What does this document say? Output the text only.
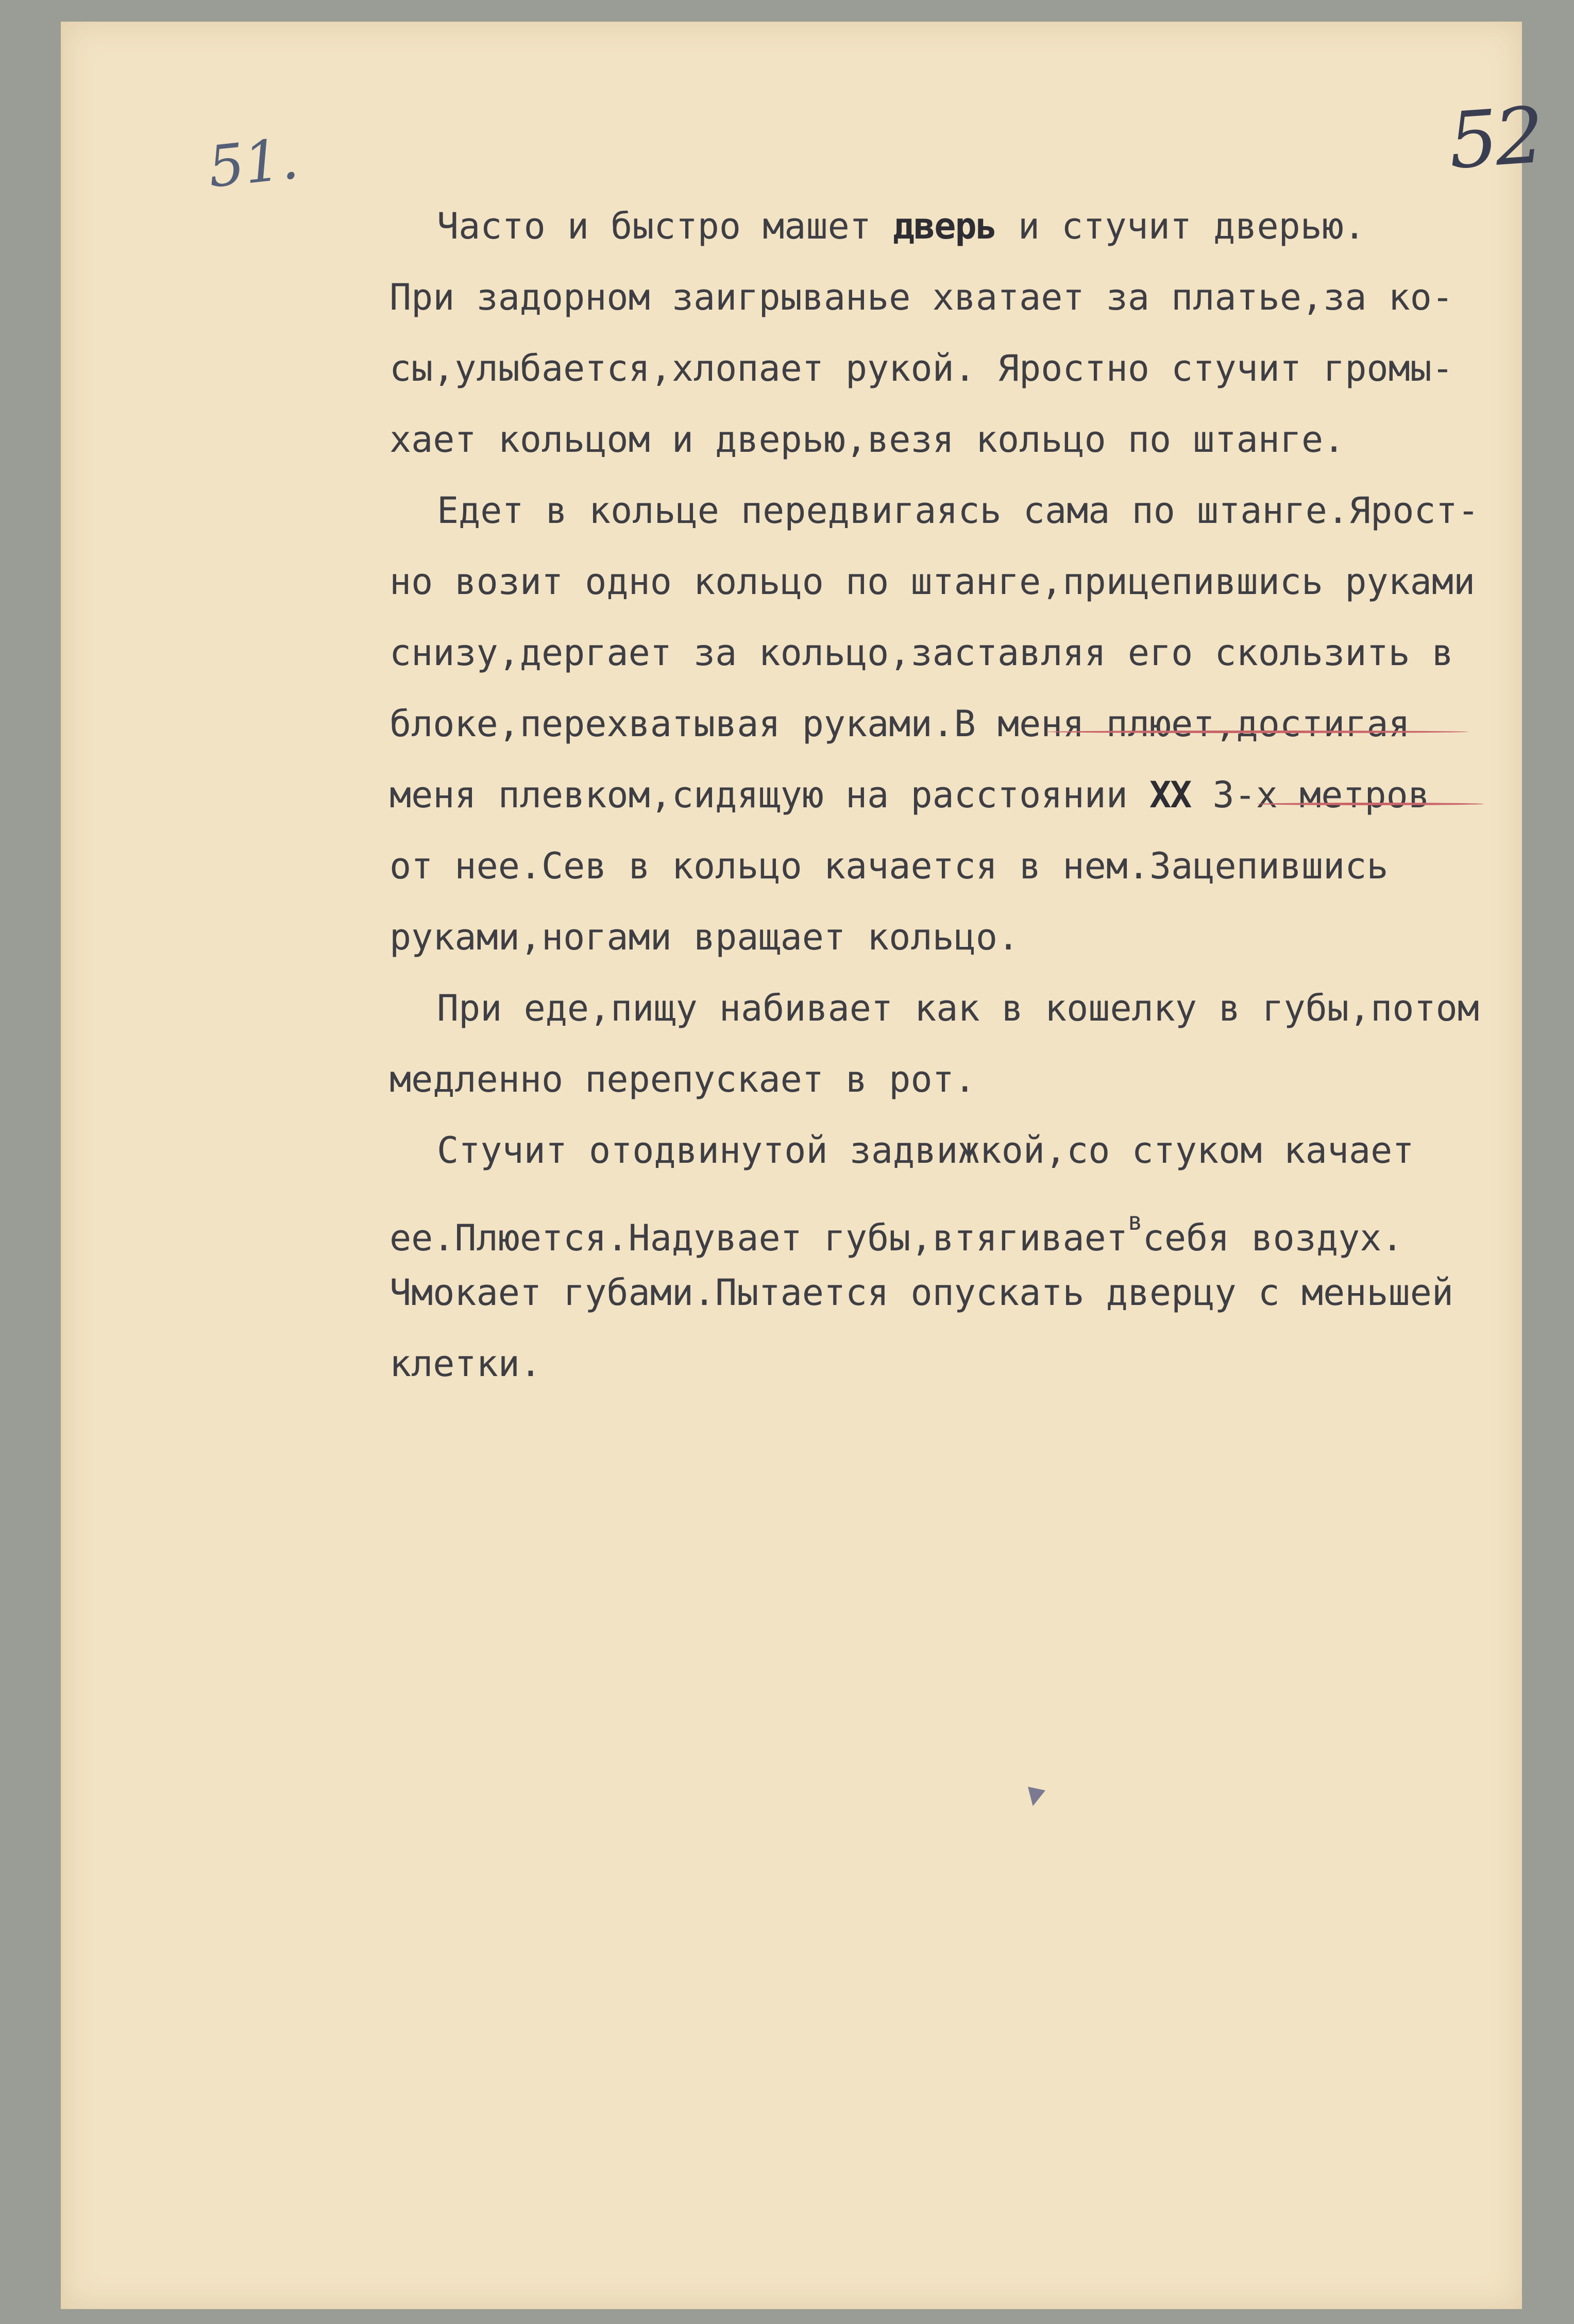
51.	52
▾
Часто и быстро машет дверь и стучит дверью.
При задорном заигрываньe хватает за платье,за ко-
сы,улыбается,хлопает рукой. Яростно стучит громы-
хает кольцом и дверью,везя кольцо по штанге.
Едет в кольце передвигаясь сама по штанге.Ярост-
но возит одно кольцо по штанге,прицепившись руками
снизу,дергает за кольцо,заставляя его скользить в
блоке,перехватывая руками.В меня плюет,достигая
меня плевком,сидящую на расстоянии XX 3-х метров
от нее.Сев в кольцо качается в нем.Зацепившись
руками,ногами вращает кольцо.
При еде,пищу набивает как в кошелку в губы,потом
медленно перепускает в рот.
Стучит отодвинутой задвижкой,со стуком качает
ее.Плюется.Надувает губы,втягивает$^в$себя воздух.
Чмокает губами.Пытается опускать дверцу с меньшей
клетки.
